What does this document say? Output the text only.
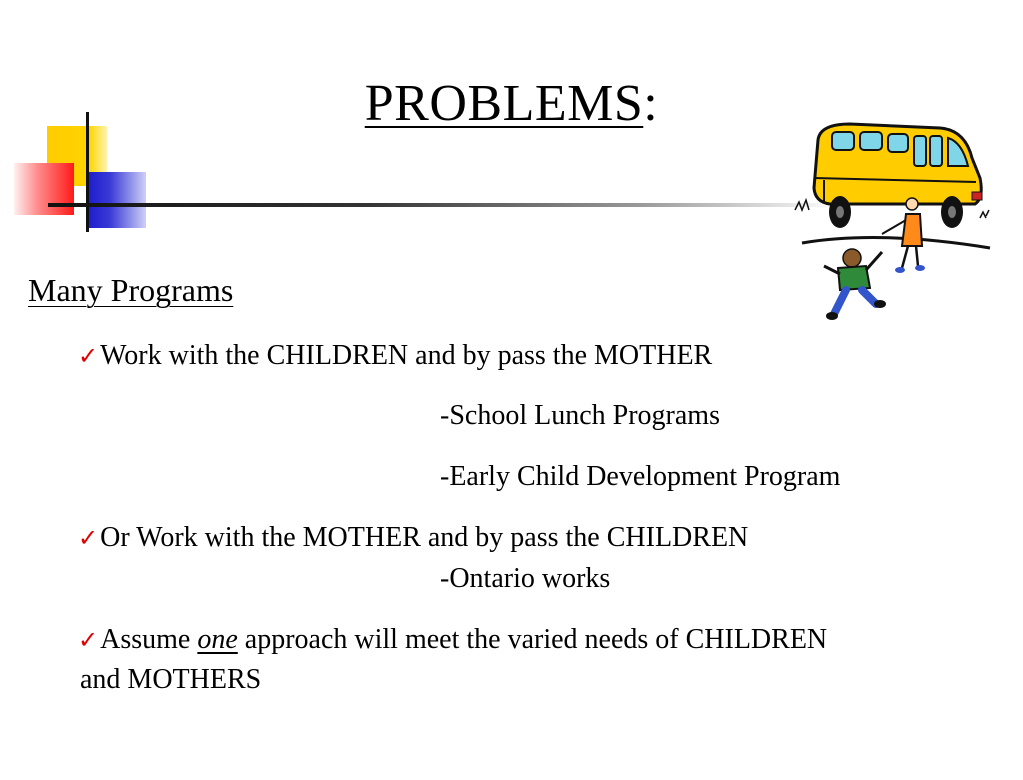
PROBLEMS:
Many Programs
✓Work with the CHILDREN and by pass the MOTHER
-School Lunch Programs
-Early Child Development Program
✓Or Work with the MOTHER and by pass the CHILDREN
-Ontario works
✓Assume one approach will meet the varied needs of CHILDREN
and MOTHERS
